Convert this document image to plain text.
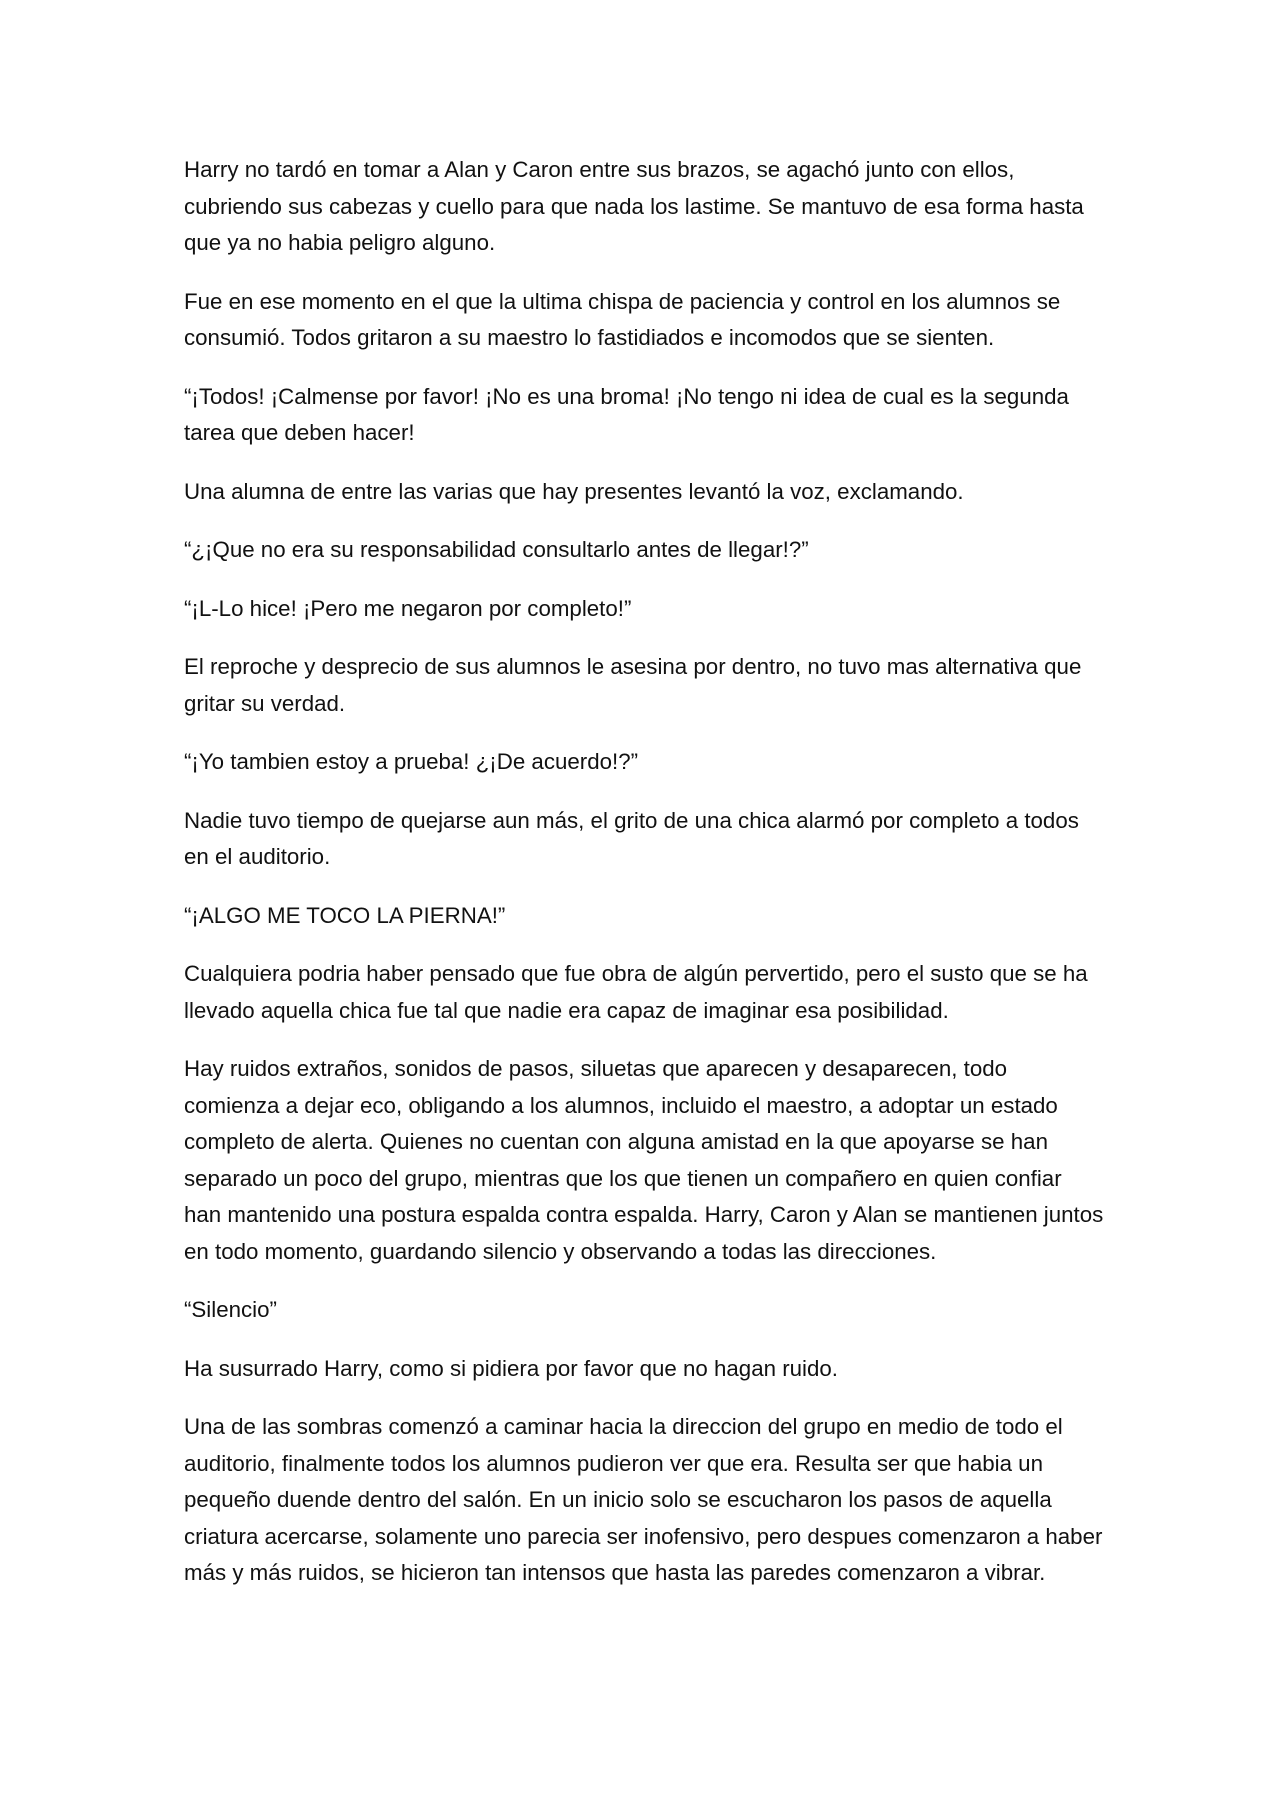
Harry no tardó en tomar a Alan y Caron entre sus brazos, se agachó junto con ellos, cubriendo sus cabezas y cuello para que nada los lastime. Se mantuvo de esa forma hasta que ya no habia peligro alguno.

Fue en ese momento en el que la ultima chispa de paciencia y control en los alumnos se consumió. Todos gritaron a su maestro lo fastidiados e incomodos que se sienten.

“¡Todos! ¡Calmense por favor! ¡No es una broma! ¡No tengo ni idea de cual es la segunda tarea que deben hacer!

Una alumna de entre las varias que hay presentes levantó la voz, exclamando.

“¿¡Que no era su responsabilidad consultarlo antes de llegar!?”

“¡L-Lo hice! ¡Pero me negaron por completo!”

El reproche y desprecio de sus alumnos le asesina por dentro, no tuvo mas alternativa que gritar su verdad.

“¡Yo tambien estoy a prueba! ¿¡De acuerdo!?”

Nadie tuvo tiempo de quejarse aun más, el grito de una chica alarmó por completo a todos en el auditorio.

“¡ALGO ME TOCO LA PIERNA!”

Cualquiera podria haber pensado que fue obra de algún pervertido, pero el susto que se ha llevado aquella chica fue tal que nadie era capaz de imaginar esa posibilidad.

Hay ruidos extraños, sonidos de pasos, siluetas que aparecen y desaparecen, todo comienza a dejar eco, obligando a los alumnos, incluido el maestro, a adoptar un estado completo de alerta. Quienes no cuentan con alguna amistad en la que apoyarse se han separado un poco del grupo, mientras que los que tienen un compañero en quien confiar han mantenido una postura espalda contra espalda. Harry, Caron y Alan se mantienen juntos en todo momento, guardando silencio y observando a todas las direcciones.

“Silencio”

Ha susurrado Harry, como si pidiera por favor que no hagan ruido.

Una de las sombras comenzó a caminar hacia la direccion del grupo en medio de todo el auditorio, finalmente todos los alumnos pudieron ver que era. Resulta ser que habia un pequeño duende dentro del salón. En un inicio solo se escucharon los pasos de aquella criatura acercarse, solamente uno parecia ser inofensivo, pero despues comenzaron a haber más y más ruidos, se hicieron tan intensos que hasta las paredes comenzaron a vibrar.
